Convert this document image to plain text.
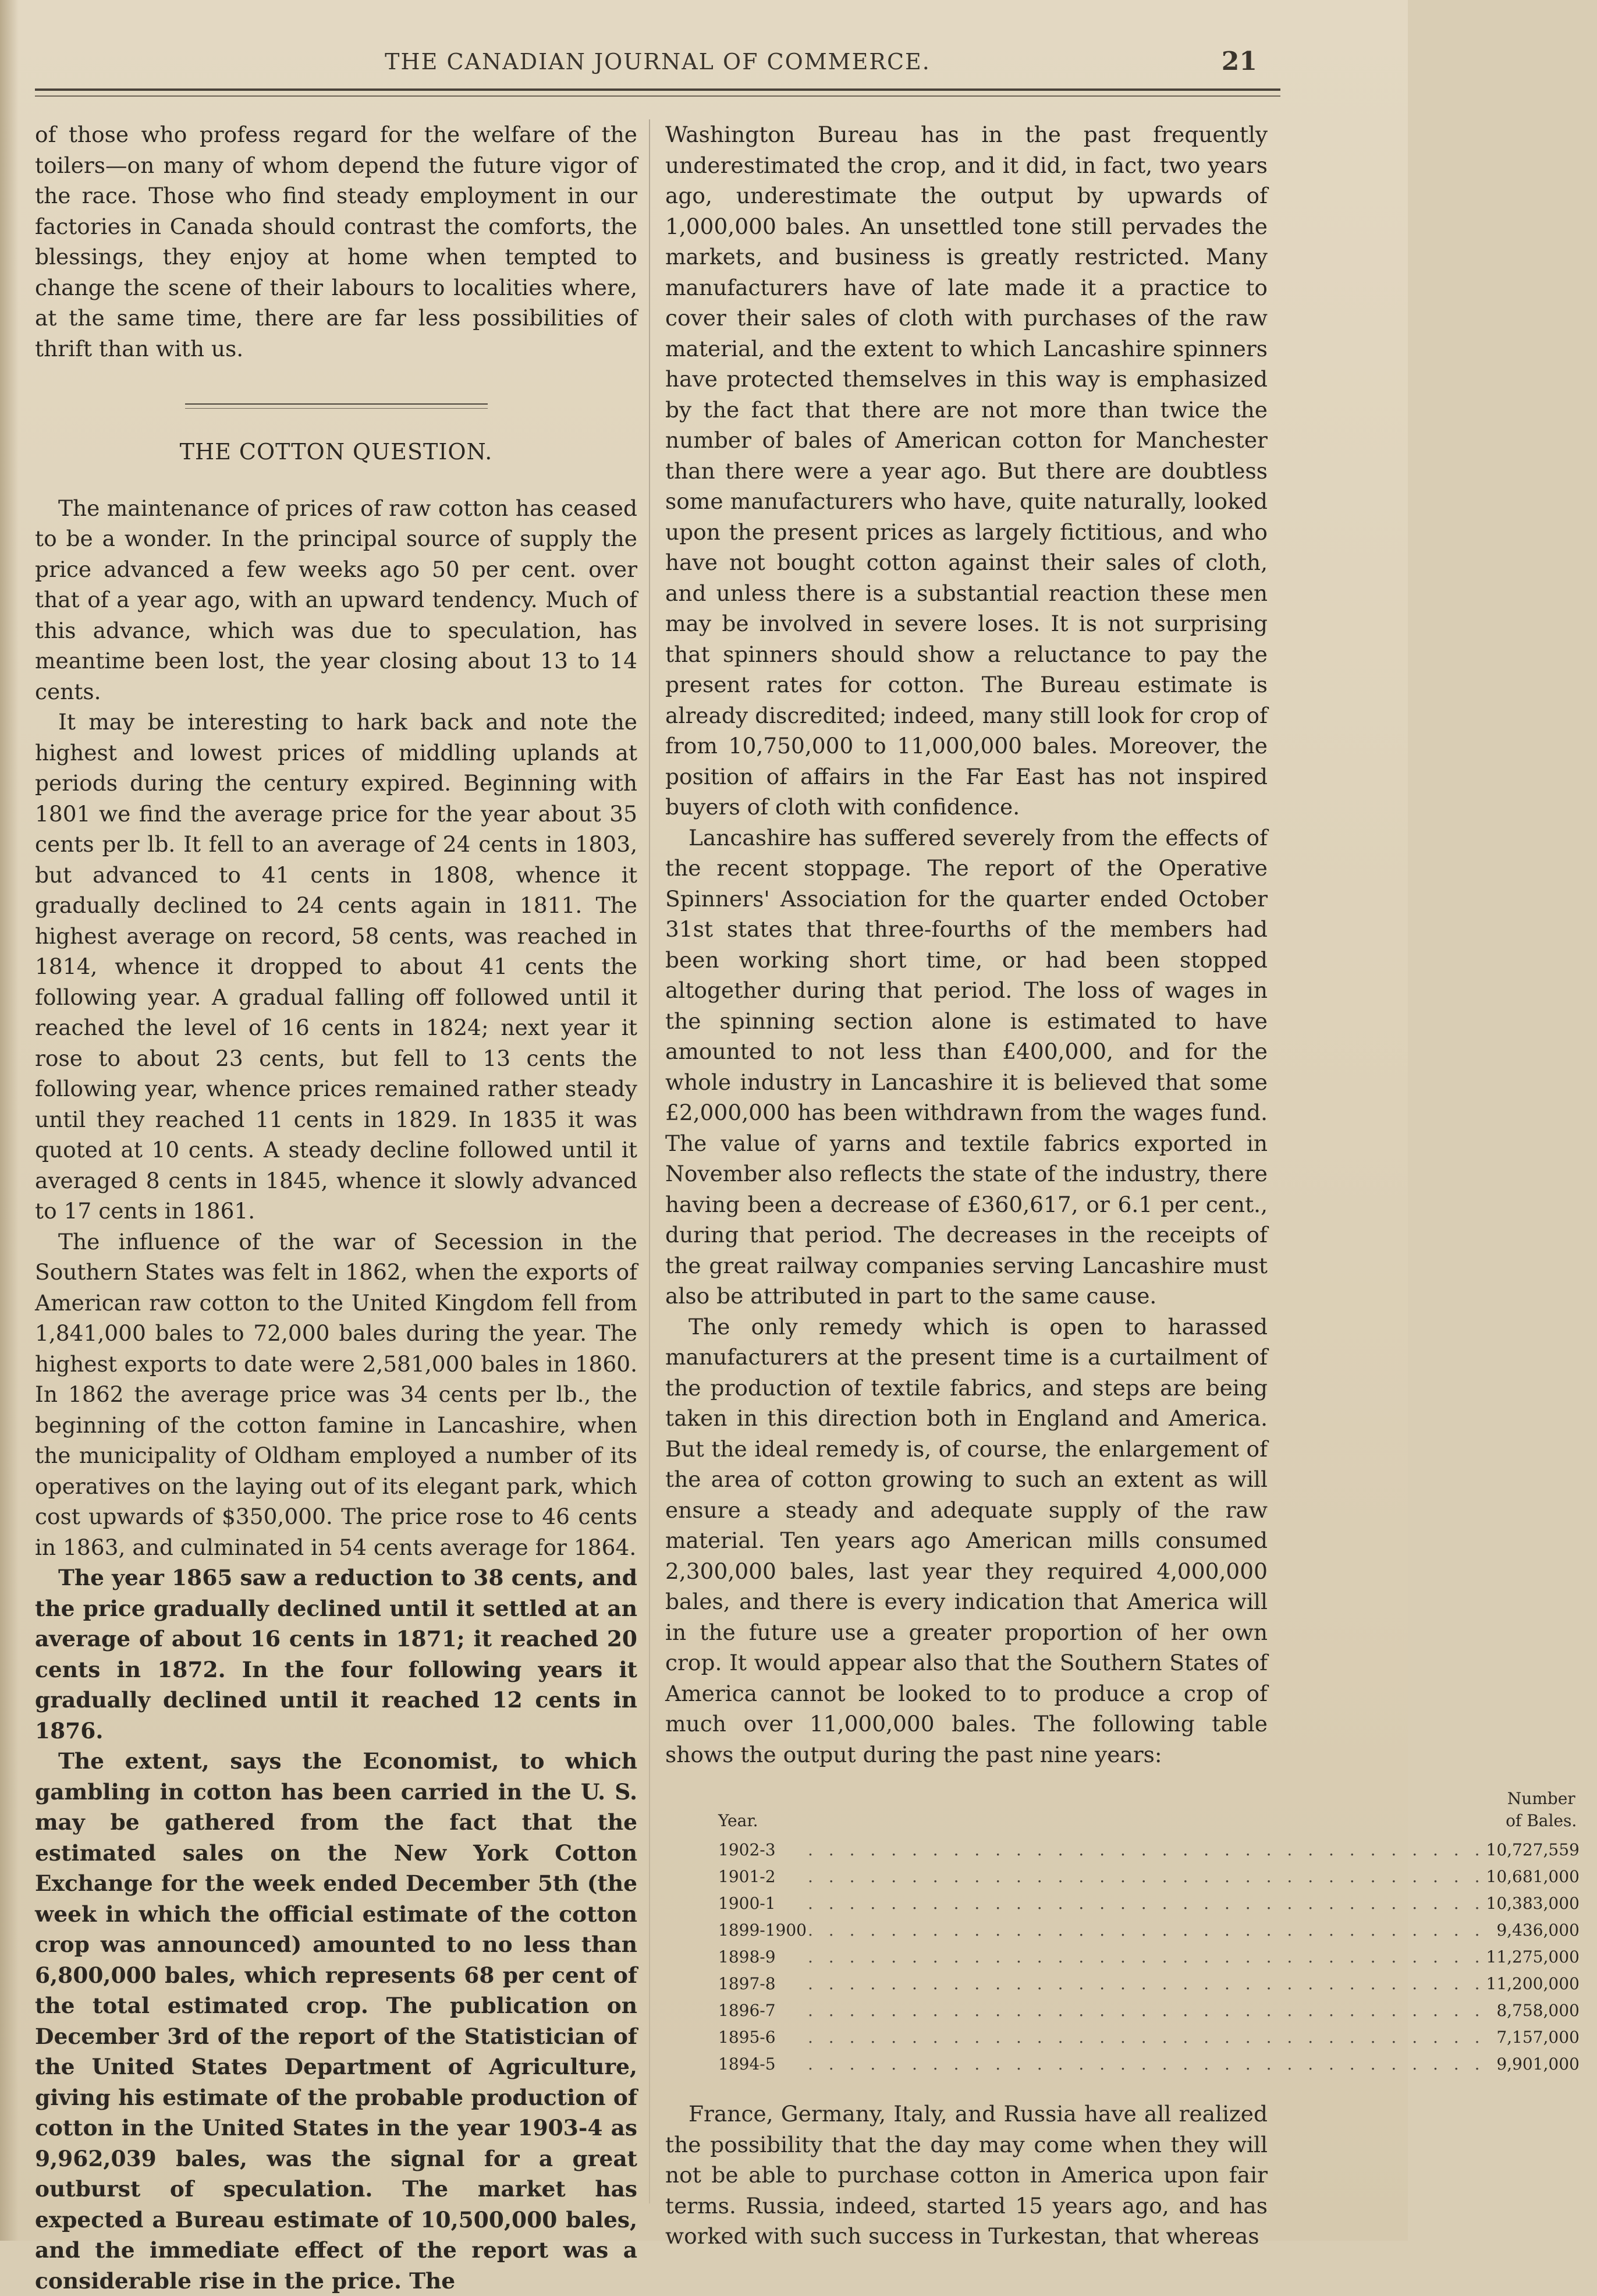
THE CANADIAN JOURNAL OF COMMERCE.	21

of those who profess regard for the welfare of the toilers—on many of whom depend the future vigor of the race. Those who find steady employment in our factories in Canada should contrast the comforts, the blessings, they enjoy at home when tempted to change the scene of their labours to localities where, at the same time, there are far less possibilities of thrift than with us.

THE COTTON QUESTION.

The maintenance of prices of raw cotton has ceased to be a wonder. In the principal source of supply the price advanced a few weeks ago 50 per cent. over that of a year ago, with an upward tendency. Much of this advance, which was due to speculation, has meantime been lost, the year closing about 13 to 14 cents.

It may be interesting to hark back and note the highest and lowest prices of middling uplands at periods during the century expired. Beginning with 1801 we find the average price for the year about 35 cents per lb. It fell to an average of 24 cents in 1803, but advanced to 41 cents in 1808, whence it gradually declined to 24 cents again in 1811. The highest average on record, 58 cents, was reached in 1814, whence it dropped to about 41 cents the following year. A gradual falling off followed until it reached the level of 16 cents in 1824; next year it rose to about 23 cents, but fell to 13 cents the following year, whence prices remained rather steady until they reached 11 cents in 1829. In 1835 it was quoted at 10 cents. A steady decline followed until it averaged 8 cents in 1845, whence it slowly advanced to 17 cents in 1861.

The influence of the war of Secession in the Southern States was felt in 1862, when the exports of American raw cotton to the United Kingdom fell from 1,841,000 bales to 72,000 bales during the year. The highest exports to date were 2,581,000 bales in 1860. In 1862 the average price was 34 cents per lb., the beginning of the cotton famine in Lancashire, when the municipality of Oldham employed a number of its operatives on the laying out of its elegant park, which cost upwards of $350,000. The price rose to 46 cents in 1863, and culminated in 54 cents average for 1864.

The year 1865 saw a reduction to 38 cents, and the price gradually declined until it settled at an average of about 16 cents in 1871; it reached 20 cents in 1872. In the four following years it gradually declined until it reached 12 cents in 1876.

The extent, says the Economist, to which gambling in cotton has been carried in the U. S. may be gathered from the fact that the estimated sales on the New York Cotton Exchange for the week ended December 5th (the week in which the official estimate of the cotton crop was announced) amounted to no less than 6,800,000 bales, which represents 68 per cent of the total estimated crop. The publication on December 3rd of the report of the Statistician of the United States Department of Agriculture, giving his estimate of the probable production of cotton in the United States in the year 1903-4 as 9,962,039 bales, was the signal for a great outburst of speculation. The market has expected a Bureau estimate of 10,500,000 bales, and the immediate effect of the report was a considerable rise in the price. The

Washington Bureau has in the past frequently underestimated the crop, and it did, in fact, two years ago, underestimate the output by upwards of 1,000,000 bales. An unsettled tone still pervades the markets, and business is greatly restricted. Many manufacturers have of late made it a practice to cover their sales of cloth with purchases of the raw material, and the extent to which Lancashire spinners have protected themselves in this way is emphasized by the fact that there are not more than twice the number of bales of American cotton for Manchester than there were a year ago. But there are doubtless some manufacturers who have, quite naturally, looked upon the present prices as largely fictitious, and who have not bought cotton against their sales of cloth, and unless there is a substantial reaction these men may be involved in severe loses. It is not surprising that spinners should show a reluctance to pay the present rates for cotton. The Bureau estimate is already discredited; indeed, many still look for crop of from 10,750,000 to 11,000,000 bales. Moreover, the position of affairs in the Far East has not inspired buyers of cloth with confidence.

Lancashire has suffered severely from the effects of the recent stoppage. The report of the Operative Spinners' Association for the quarter ended October 31st states that three-fourths of the members had been working short time, or had been stopped altogether during that period. The loss of wages in the spinning section alone is estimated to have amounted to not less than £400,000, and for the whole industry in Lancashire it is believed that some £2,000,000 has been withdrawn from the wages fund. The value of yarns and textile fabrics exported in November also reflects the state of the industry, there having been a decrease of £360,617, or 6.1 per cent., during that period. The decreases in the receipts of the great railway companies serving Lancashire must also be attributed in part to the same cause.

The only remedy which is open to harassed manufacturers at the present time is a curtailment of the production of textile fabrics, and steps are being taken in this direction both in England and America. But the ideal remedy is, of course, the enlargement of the area of cotton growing to such an extent as will ensure a steady and adequate supply of the raw material. Ten years ago American mills consumed 2,300,000 bales, last year they required 4,000,000 bales, and there is every indication that America will in the future use a greater proportion of her own crop. It would appear also that the Southern States of America cannot be looked to to produce a crop of much over 11,000,000 bales. The following table shows the output during the past nine years:

Year.		Number
of Bales.
1902-3	. . . . . . . . . . . . . . . . . . . . . . . . . . . . . . . . .	10,727,559
1901-2	. . . . . . . . . . . . . . . . . . . . . . . . . . . . . . . . .	10,681,000
1900-1	. . . . . . . . . . . . . . . . . . . . . . . . . . . . . . . . .	10,383,000
1899-1900	. . . . . . . . . . . . . . . . . . . . . . . . . . . . . . . . .	9,436,000
1898-9	. . . . . . . . . . . . . . . . . . . . . . . . . . . . . . . . .	11,275,000
1897-8	. . . . . . . . . . . . . . . . . . . . . . . . . . . . . . . . .	11,200,000
1896-7	. . . . . . . . . . . . . . . . . . . . . . . . . . . . . . . . .	8,758,000
1895-6	. . . . . . . . . . . . . . . . . . . . . . . . . . . . . . . . .	7,157,000
1894-5	. . . . . . . . . . . . . . . . . . . . . . . . . . . . . . . . .	9,901,000

France, Germany, Italy, and Russia have all realized the possibility that the day may come when they will not be able to purchase cotton in America upon fair terms. Russia, indeed, started 15 years ago, and has worked with such success in Turkestan, that whereas
